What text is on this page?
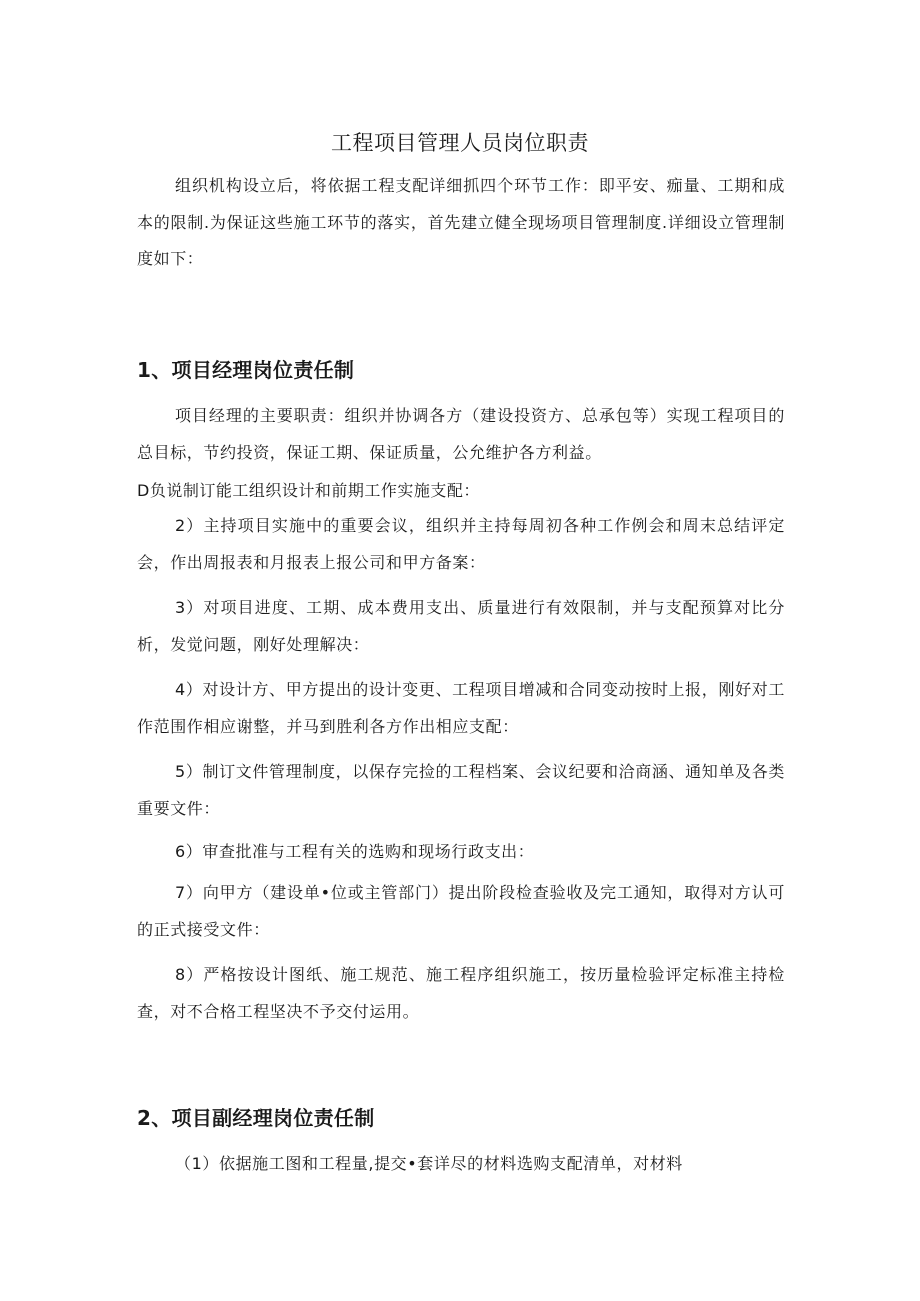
工程项目管理人员岗位职责
组织机构设立后，将依据工程支配详细抓四个环节工作：即平安、痂量、工期和成本的限制.为保证这些施工环节的落实，首先建立健全现场项目管理制度.详细设立管理制度如下：
1、项目经理岗位责任制
项目经理的主要职责：组织并协调各方（建设投资方、总承包等）实现工程项目的总目标，节约投资，保证工期、保证质量，公允维护各方利益。
D负说制订能工组织设计和前期工作实施支配：
2）主持项目实施中的重要会议，组织并主持每周初各种工作例会和周末总结评定会，作出周报表和月报表上报公司和甲方备案：
3）对项目进度、工期、成本费用支出、质量进行有效限制，并与支配预算对比分析，发觉问题，刚好处理解决：
4）对设计方、甲方提出的设计变更、工程项目增减和合同变动按时上报，刚好对工作范围作相应谢整，并马到胜利各方作出相应支配：
5）制订文件管理制度，以保存完捡的工程档案、会议纪要和洽商涵、通知单及各类重要文件：
6）审查批准与工程有关的选购和现场行政支出：
7）向甲方（建设单•位或主管部门）提出阶段检查验收及完工通知，取得对方认可的正式接受文件：
8）严格按设计图纸、施工规范、施工程序组织施工，按历量检验评定标准主持检查，对不合格工程坚决不予交付运用。
2、项目副经理岗位责任制
（1）依据施工图和工程量,提交•套详尽的材料选购支配清单，对材料
